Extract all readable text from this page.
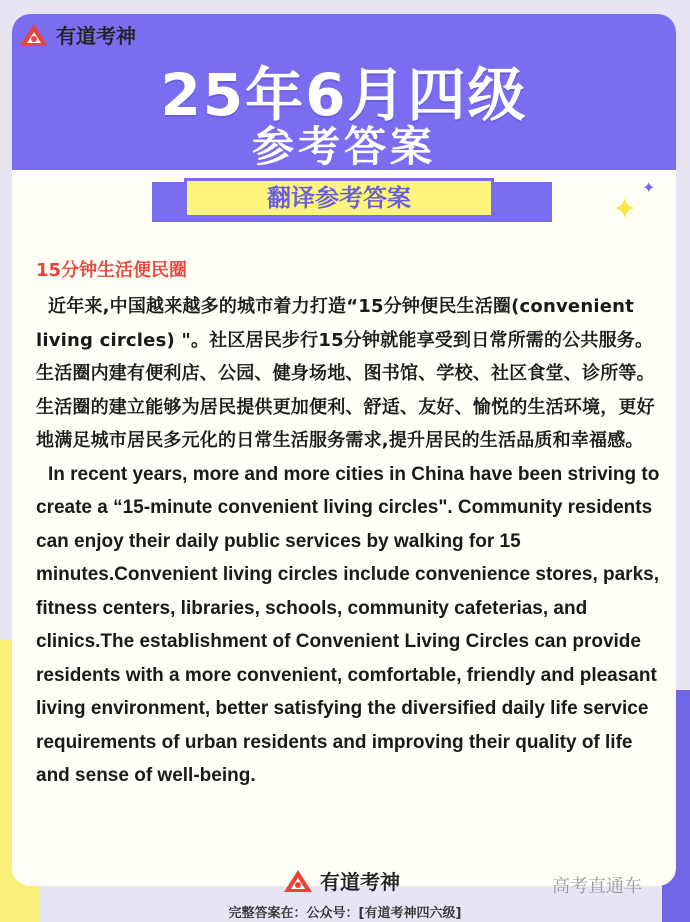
有道考神
25年6月四级
参考答案
翻译参考答案	✦
✦

15分钟生活便民圈

近年来,中国越来越多的城市着力打造“15分钟便民生活圈(convenient living circles) "。社区居民步行15分钟就能享受到日常所需的公共服务。生活圈内建有便利店、公园、健身场地、图书馆、学校、社区食堂、诊所等。生活圈的建立能够为居民提供更加便利、舒适、友好、愉悦的生活环境，更好地满足城市居民多元化的日常生活服务需求,提升居民的生活品质和幸福感。

In recent years, more and more cities in China have been striving to create a “15-minute convenient living circles". Community residents can enjoy their daily public services by walking for 15 minutes.Convenient living circles include convenience stores, parks, fitness centers, libraries, schools, community cafeterias, and clinics.The establishment of Convenient Living Circles can provide residents with a more convenient, comfortable, friendly and pleasant living environment, better satisfying the diversified daily life service requirements of urban residents and improving their quality of life and sense of well-being.

有道考神	高考直通车
完整答案在：公众号：[有道考神四六级]
